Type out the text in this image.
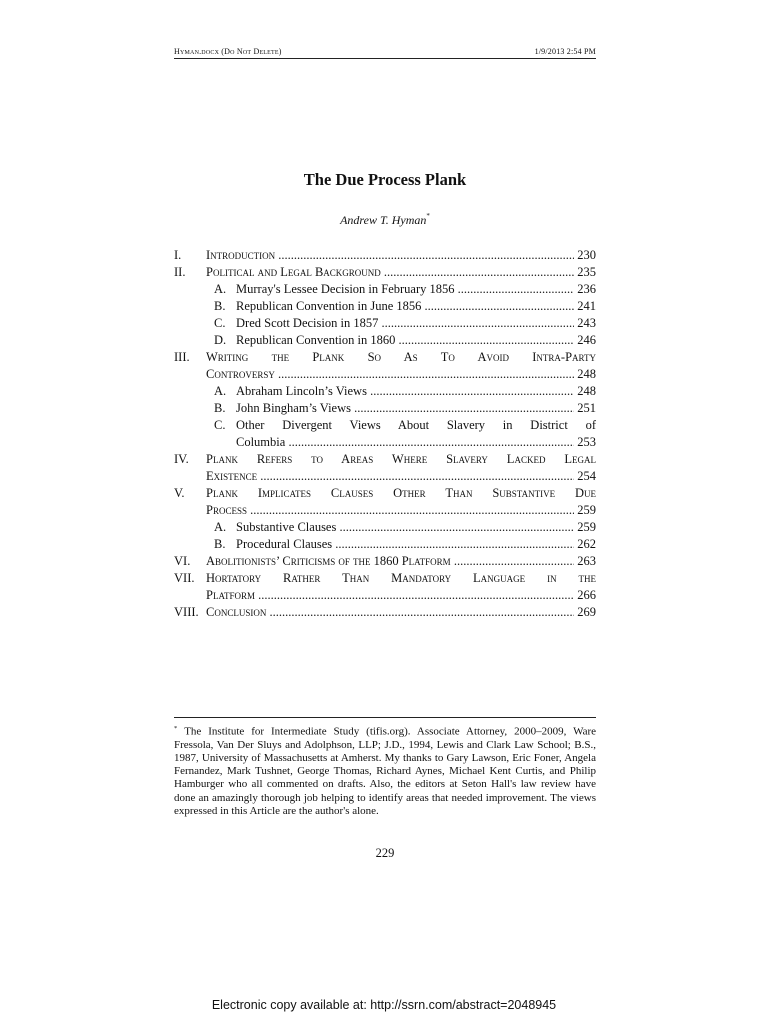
Hyman.docx (Do Not Delete)	1/9/2013 2:54 PM
The Due Process Plank
Andrew T. Hyman*
I. Introduction .....	230
II. Political and Legal Background .....	235
A. Murray's Lessee Decision in February 1856 .....	236
B. Republican Convention in June 1856 .....	241
C. Dred Scott Decision in 1857 .....	243
D. Republican Convention in 1860 .....	246
III. Writing the Plank So As To Avoid Intra-Party
Controversy .....	248
A. Abraham Lincoln’s Views .....	248
B. John Bingham’s Views .....	251
C. Other Divergent Views About Slavery in District of
Columbia .....	253
IV. Plank Refers to Areas Where Slavery Lacked Legal
Existence .....	254
V. Plank Implicates Clauses Other Than Substantive Due
Process .....	259
A. Substantive Clauses .....	259
B. Procedural Clauses .....	262
VI. Abolitionists’ Criticisms of the 1860 Platform .....	263
VII. Hortatory Rather Than Mandatory Language in the
Platform .....	266
VIII. Conclusion .....	269
* The Institute for Intermediate Study (tifis.org). Associate Attorney, 2000–2009, Ware Fressola, Van Der Sluys and Adolphson, LLP; J.D., 1994, Lewis and Clark Law School; B.S., 1987, University of Massachusetts at Amherst. My thanks to Gary Lawson, Eric Foner, Angela Fernandez, Mark Tushnet, George Thomas, Richard Aynes, Michael Kent Curtis, and Philip Hamburger who all commented on drafts. Also, the editors at Seton Hall's law review have done an amazingly thorough job helping to identify areas that needed improvement. The views expressed in this Article are the author's alone.
229
Electronic copy available at: http://ssrn.com/abstract=2048945
